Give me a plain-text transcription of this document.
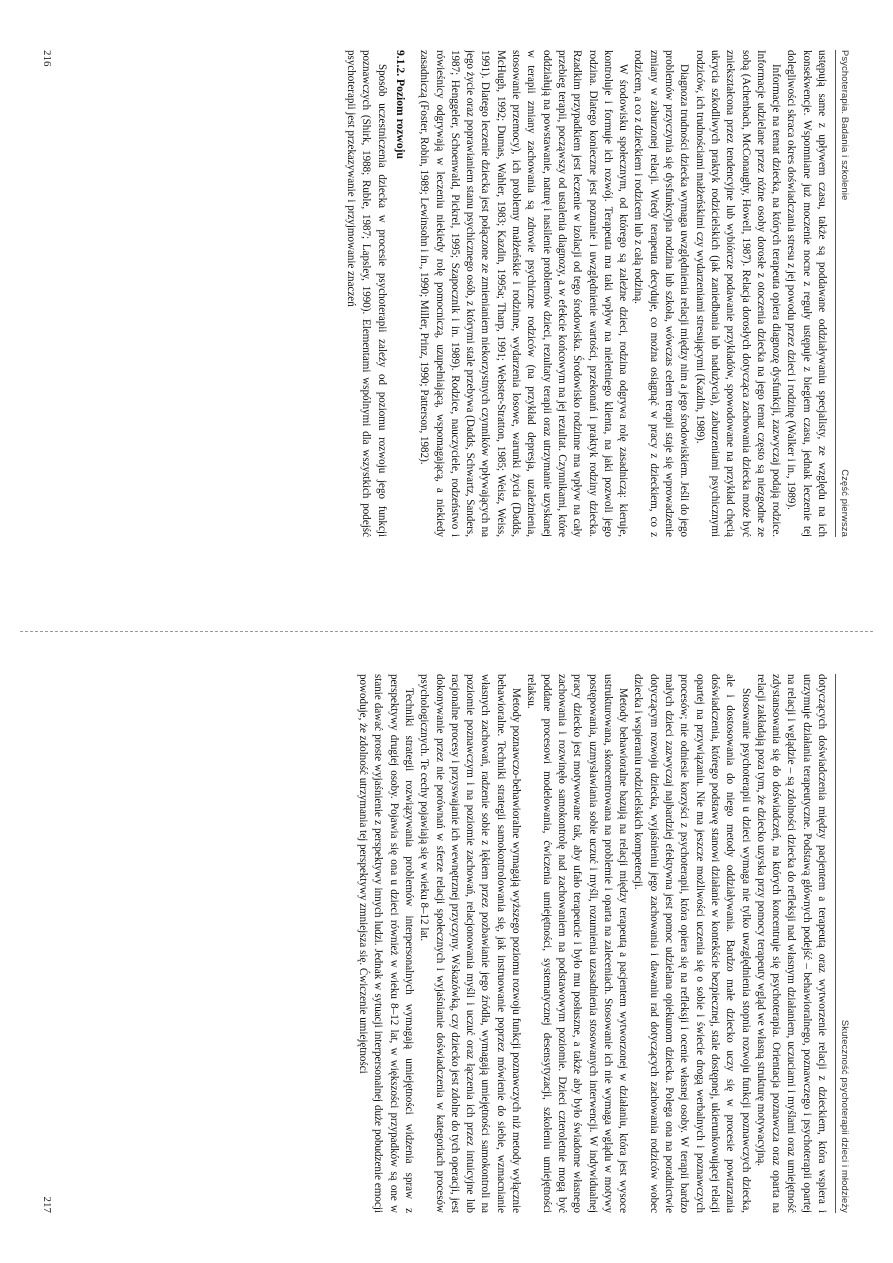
Psychoterapia. Badania i szkolenie
Część pierwsza

ustępują same z upływem czasu, także są poddawane oddziaływaniu specjalisty, ze względu na ich konsekwencje. Wspomniane już moczenie nocne z reguły ustępuje z biegiem czasu, jednak leczenie tej dolegliwości skraca okres doświadczania stresu z jej powodu przez dzieci i rodzinę (Walker i in., 1989).

Informacje na temat dziecka, na których terapeuta opiera diagnozę dysfunkcji, zazwyczaj podają rodzice. Informacje udzielane przez różne osoby dorosłe z otoczenia dziecka na jego temat często są niezgodne ze sobą (Achenbach, McConaughy, Howell, 1987). Relacja dorosłych dotycząca zachowania dziecka może być zniekształcona przez tendencyjne lub wybiórcze podawanie przykładów, spowodowane na przykład chęcią ukrycia szkodliwych praktyk rodzicielskich (jak zaniedbania lub nadużycia), zaburzeniami psychicznymi rodziców, ich trudnościami małżeńskimi czy wydarzeniami stresującymi (Kazdin, 1989).

Diagnoza trudności dziecka wymaga uwzględnienia relacji między nim a jego środowiskiem. Jeśli do jego problemów przyczynia się dysfunkcyjna rodzina lub szkoła, wówczas celem terapii staje się wprowadzenie zmiany w zaburzonej relacji. Wtedy terapeuta decyduje, co można osiągnąć w pracy z dzieckiem, co z rodzicem, a co z dzieckiem i rodzicem lub z całą rodziną.

W środowisku społecznym, od którego są zależne dzieci, rodzina odgrywa rolę zasadniczą: kieruje, kontroluje i formuje ich rozwój. Terapeuta ma taki wpływ na nieletniego klienta, na jaki pozwoli jego rodzina. Dlatego konieczne jest poznanie i uwzględnienie wartości, przekonań i praktyk rodziny dziecka. Rzadkim przypadkiem jest leczenie w izolacji od tego środowiska. Środowisko rodzinne ma wpływ na cały przebieg terapii, począwszy od ustalenia diagnozy, a w efekcie końcowym na jej rezultat. Czynnikami, które oddziałują na powstawanie, naturę i nasilenie problemów dzieci, rezultaty terapii oraz utrzymanie uzyskanej w terapii zmiany zachowania są zdrowie psychiczne rodziców (na przykład depresja, uzależnienia, stosowanie przemocy), ich problemy małżeńskie i rodzinne, wydarzenia losowe, warunki życia (Dadds, McHugh, 1992; Dumas, Wahler, 1983; Kazdin, 1995a; Tharp, 1991; Webster-Stratton, 1985; Weisz, Weiss, 1991). Dlatego leczenie dziecka jest połączone ze zmienianiem niekorzystnych czynników wpływających na jego życie oraz poprawianiem stanu psychicznego osób, z którymi stale przebywa (Dadds, Schwartz, Sanders, 1987; Henggeler, Schoenwald, Pickrel, 1995; Szapocznik i in. 1989). Rodzice, nauczyciele, rodzeństwo i rówieśnicy odgrywają w leczeniu niekiedy rolę pomocniczą, uzupełniającą, wspomagającą, a niekiedy zasadniczą (Foster, Robin, 1989; Lewinsohn i in., 1990; Miller, Prinz, 1990; Patterson, 1982).

9.1.2. Poziom rozwoju

Sposób uczestniczenia dziecka w procesie psychoterapii zależy od poziomu rozwoju jego funkcji poznawczych (Shirk, 1988; Ruble, 1987; Lapsley, 1990). Elementami wspólnymi dla wszystkich podejść psychoterapii jest przekazywanie i przyjmowanie znaczeń

216
Skuteczność psychoterapii dzieci i młodzieży

dotyczących doświadczenia między pacjentem a terapeutą oraz wytworzenie relacji z dzieckiem, która wspiera i utrzymuje działania terapeutyczne. Podstawą głównych podejść – behawioralnego, poznawczego i psychoterapii opartej na relacji i wglądzie – są zdolności dziecka do refleksji nad własnym działaniem, uczuciami i myślami oraz umiejętność zdystansowania się do doświadczeń, na których koncentruje się psychoterapia. Orientacja poznawcza oraz oparta na relacji zakładają poza tym, że dziecko uzyska przy pomocy terapeuty wgląd we własną strukturę motywacyjną.

Stosowanie psychoterapii u dzieci wymaga nie tylko uwzględnienia stopnia rozwoju funkcji poznawczych dziecka, ale i dostosowania do niego metody oddziaływania. Bardzo małe dziecko uczy się w procesie powtarzania doświadczenia, którego podstawę stanowi działanie w kontekście bezpiecznej, stale dostępnej, ukierunkowującej relacji opartej na przywiązaniu. Nie ma jeszcze możliwości uczenia się o sobie i świecie drogą werbalnych i poznawczych procesów; nie odniesie korzyści z psychoterapii, która opiera się na refleksji i ocenie własnej osoby. W terapii bardzo małych dzieci zazwyczaj najbardziej efektywna jest pomoc udzielana opiekunom dziecka. Polega ona na poradnictwie dotyczącym rozwoju dziecka, wyjaśnieniu jego zachowania i dawaniu rad dotyczących zachowania rodziców wobec dziecka i wspieraniu rodzicielskich kompetencji.

Metody behawioralne bazują na relacji między terapeutą a pacjentem wytworzonej w działaniu, która jest wysoce ustrukturowana, skoncentrowana na problemie i oparta na zaleceniach. Stosowanie ich nie wymaga wglądu w motywy postępowania, uzmysławiania sobie uczuć i myśli, rozumienia uzasadnienia stosowanych interwencji. W indywidualnej pracy dziecko jest motywowane tak, aby ufało terapeucie i było mu posłuszne, a także aby było świadome własnego zachowania i rozwinęło samokontrolę nad zachowaniem na podstawowym poziomie. Dzieci czteroletnie mogą być poddane procesowi modelowania, ćwiczenia umiejętności, systematycznej desensytyzacji, szkoleniu umiejętności relaksu.

Metody poznawczo-behawioralne wymagają wyższego poziomu rozwoju funkcji poznawczych niż metody wyłącznie behawioralne. Techniki strategii samokontrolowania się, jak instruowanie poprzez mówienie do siebie, wzmacnianie własnych zachowań, radzenie sobie z lękiem przez pozbawianie jego źródła, wymagają umiejętności samokontroli na poziomie poznawczym i na poziomie zachowań, relacjonowania myśli i uczuć oraz łączenia ich przez intuicyjne lub racjonalne procesy i przyswajanie ich wewnętrznej przyczyny. Wskazówką, czy dziecko jest zdolne do tych operacji, jest dokonywanie przez nie porównań w sferze relacji społecznych i wyjaśnianie doświadczenia w kategoriach procesów psychologicznych. Te cechy pojawiają się w wieku 8–12 lat.

Techniki strategii rozwiązywania problemów interpersonalnych wymagają umiejętności widzenia spraw z perspektywy drugiej osoby. Pojawia się ona u dzieci również w wieku 8–12 lat, w większości przypadków są one w stanie dawać proste wyjaśnienie z perspektywy innych ludzi. Jednak w sytuacji interpersonalnej duże pobudzenie emocji powoduje, że zdolność utrzymania tej perspektywy zmniejsza się. Ćwiczenie umiejętności

217
